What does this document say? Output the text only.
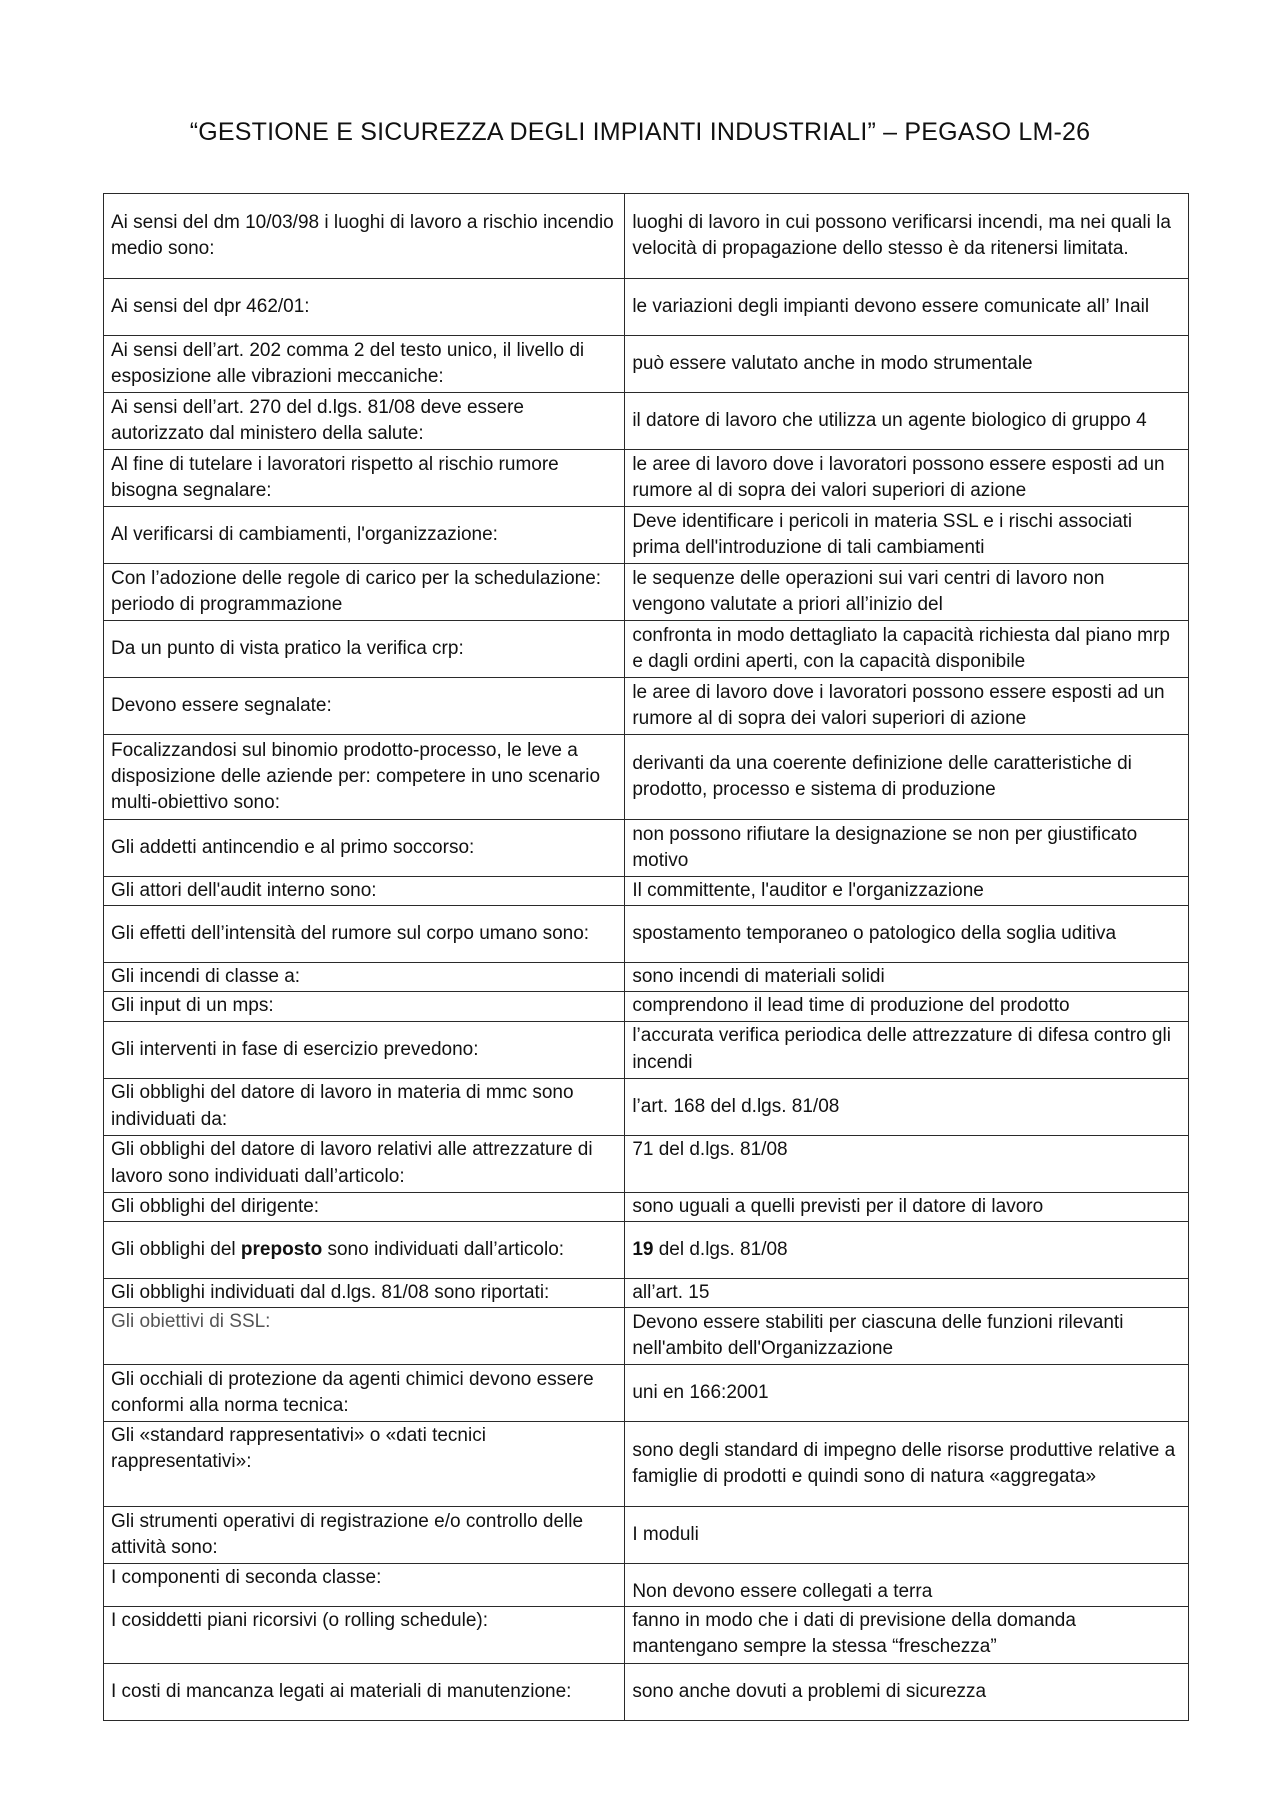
“GESTIONE E SICUREZZA DEGLI IMPIANTI INDUSTRIALI” – PEGASO LM-26
Ai sensi del dm 10/03/98 i luoghi di lavoro a rischio incendio medio sono:	luoghi di lavoro in cui possono verificarsi incendi, ma nei quali la velocità di propagazione dello stesso è da ritenersi limitata.
Ai sensi del dpr 462/01:	le variazioni degli impianti devono essere comunicate all’ Inail
Ai sensi dell’art. 202 comma 2 del testo unico, il livello di esposizione alle vibrazioni meccaniche:	può essere valutato anche in modo strumentale
Ai sensi dell’art. 270 del d.lgs. 81/08 deve essere autorizzato dal ministero della salute:	il datore di lavoro che utilizza un agente biologico di gruppo 4
Al fine di tutelare i lavoratori rispetto al rischio rumore bisogna segnalare:	le aree di lavoro dove i lavoratori possono essere esposti ad un rumore al di sopra dei valori superiori di azione
Al verificarsi di cambiamenti, l'organizzazione:	Deve identificare i pericoli in materia SSL e i rischi associati prima dell'introduzione di tali cambiamenti
Con l’adozione delle regole di carico per la schedulazione: periodo di programmazione	le sequenze delle operazioni sui vari centri di lavoro non vengono valutate a priori all’inizio del
Da un punto di vista pratico la verifica crp:	confronta in modo dettagliato la capacità richiesta dal piano mrp e dagli ordini aperti, con la capacità disponibile
Devono essere segnalate:	le aree di lavoro dove i lavoratori possono essere esposti ad un rumore al di sopra dei valori superiori di azione
Focalizzandosi sul binomio prodotto-processo, le leve a disposizione delle aziende per: competere in uno scenario multi-obiettivo sono:	derivanti da una coerente definizione delle caratteristiche di prodotto, processo e sistema di produzione
Gli addetti antincendio e al primo soccorso:	non possono rifiutare la designazione se non per giustificato motivo
Gli attori dell'audit interno sono:	Il committente, l'auditor e l'organizzazione
Gli effetti dell’intensità del rumore sul corpo umano sono:	spostamento temporaneo o patologico della soglia uditiva
Gli incendi di classe a:	sono incendi di materiali solidi
Gli input di un mps:	comprendono il lead time di produzione del prodotto
Gli interventi in fase di esercizio prevedono:	l’accurata verifica periodica delle attrezzature di difesa contro gli incendi
Gli obblighi del datore di lavoro in materia di mmc sono individuati da:	l’art. 168 del d.lgs. 81/08
Gli obblighi del datore di lavoro relativi alle attrezzature di lavoro sono individuati dall’articolo:	71 del d.lgs. 81/08
Gli obblighi del dirigente:	sono uguali a quelli previsti per il datore di lavoro
Gli obblighi del preposto sono individuati dall’articolo:	19 del d.lgs. 81/08
Gli obblighi individuati dal d.lgs. 81/08 sono riportati:	all’art. 15
Gli obiettivi di SSL:	Devono essere stabiliti per ciascuna delle funzioni rilevanti nell'ambito dell'Organizzazione
Gli occhiali di protezione da agenti chimici devono essere conformi alla norma tecnica:	uni en 166:2001
Gli «standard rappresentativi» o «dati tecnici rappresentativi»:	sono degli standard di impegno delle risorse produttive relative a famiglie di prodotti e quindi sono di natura «aggregata»
Gli strumenti operativi di registrazione e/o controllo delle attività sono:	I moduli
I componenti di seconda classe:	Non devono essere collegati a terra
I cosiddetti piani ricorsivi (o rolling schedule):	fanno in modo che i dati di previsione della domanda mantengano sempre la stessa “freschezza”
I costi di mancanza legati ai materiali di manutenzione:	sono anche dovuti a problemi di sicurezza
